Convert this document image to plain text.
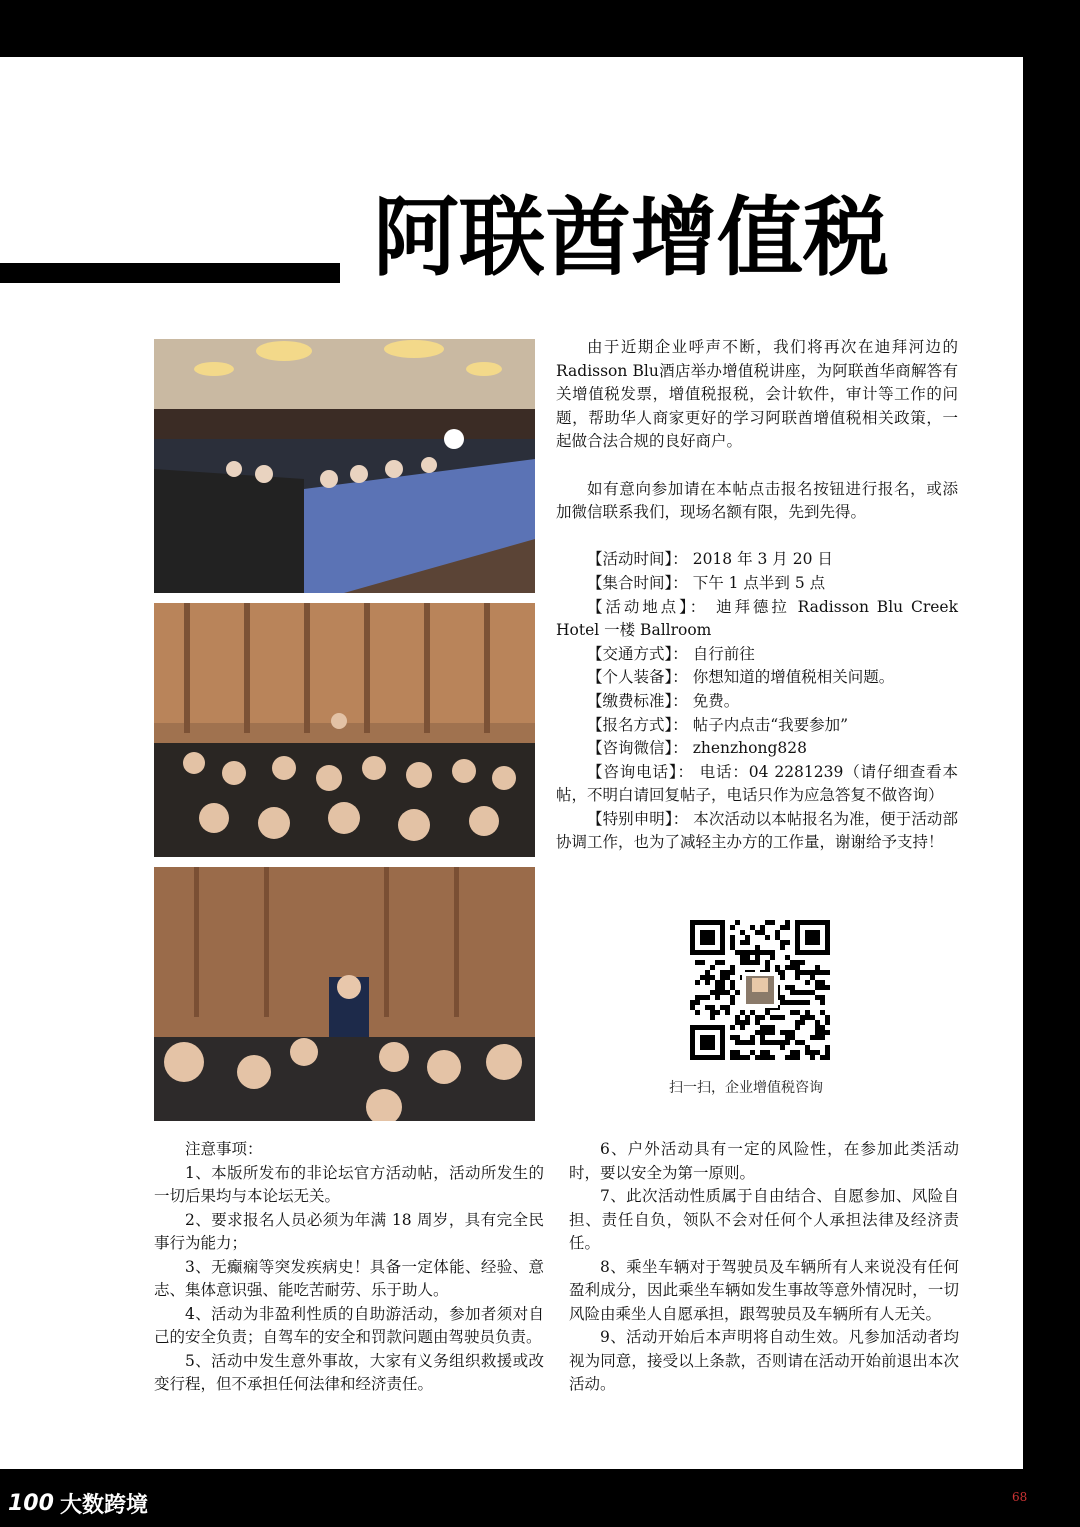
阿联酋增值税

由于近期企业呼声不断，我们将再次在迪拜河边的Radisson Blu酒店举办增值税讲座，为阿联酋华商解答有关增值税发票，增值税报税，会计软件，审计等工作的问题，帮助华人商家更好的学习阿联酋增值税相关政策，一起做合法合规的良好商户。

如有意向参加请在本帖点击报名按钮进行报名，或添加微信联系我们，现场名额有限，先到先得。

【活动时间】： 2018 年 3 月 20 日

【集合时间】： 下午 1 点半到 5 点

【活动地点】： 迪拜德拉 Radisson Blu Creek Hotel 一楼 Ballroom

【交通方式】： 自行前往

【个人装备】： 你想知道的增值税相关问题。

【缴费标准】： 免费。

【报名方式】： 帖子内点击“我要参加”

【咨询微信】： zhenzhong828

【咨询电话】： 电话：04 2281239（请仔细查看本帖，不明白请回复帖子，电话只作为应急答复不做咨询）

【特别申明】： 本次活动以本帖报名为准，便于活动部协调工作，也为了减轻主办方的工作量，谢谢给予支持！

扫一扫，企业增值税咨询

注意事项：

1、本版所发布的非论坛官方活动帖，活动所发生的一切后果均与本论坛无关。

2、要求报名人员必须为年满 18 周岁，具有完全民事行为能力；

3、无癫痫等突发疾病史！具备一定体能、经验、意志、集体意识强、能吃苦耐劳、乐于助人。

4、活动为非盈利性质的自助游活动，参加者须对自己的安全负责；自驾车的安全和罚款问题由驾驶员负责。

5、活动中发生意外事故，大家有义务组织救援或改变行程，但不承担任何法律和经济责任。

6、户外活动具有一定的风险性，在参加此类活动时，要以安全为第一原则。

7、此次活动性质属于自由结合、自愿参加、风险自担、责任自负，领队不会对任何个人承担法律及经济责任。

8、乘坐车辆对于驾驶员及车辆所有人来说没有任何盈利成分，因此乘坐车辆如发生事故等意外情况时，一切风险由乘坐人自愿承担，跟驾驶员及车辆所有人无关。

9、活动开始后本声明将自动生效。凡参加活动者均视为同意，接受以上条款，否则请在活动开始前退出本次活动。

68
100 大数跨境
